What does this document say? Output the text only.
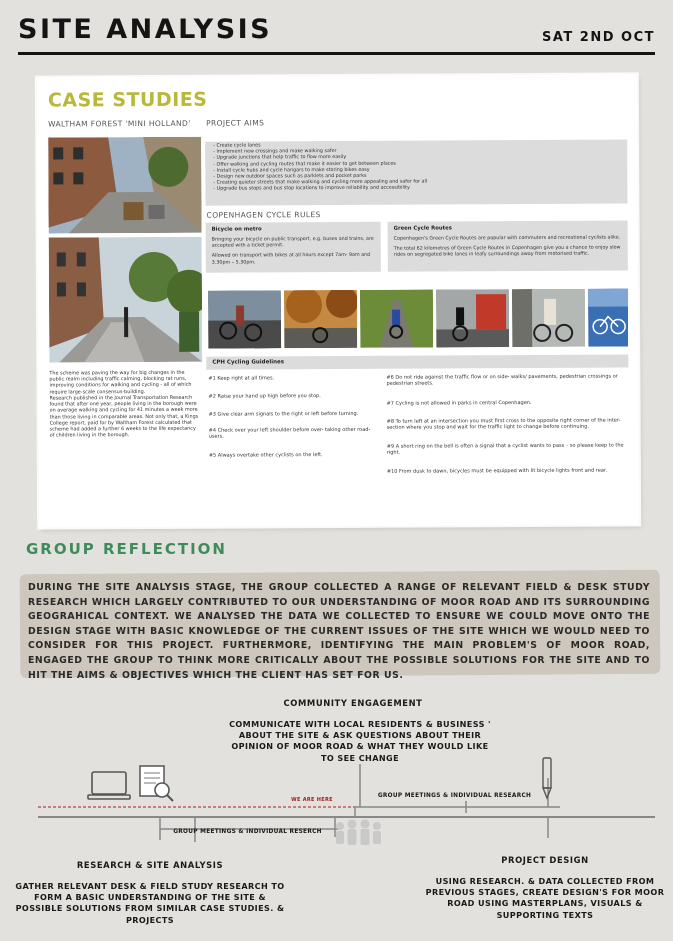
SITE ANALYSIS	SAT 2ND OCT
CASE STUDIES
WALTHAM FOREST 'MINI HOLLAND' PROJECT AIMS
The scheme was paving the way for big changes in the public realm including traffic calming, blocking rat runs, improving conditions for walking and cycling - all of which require large-scale consensus-building.
Research published in the Journal Transportation Research found that after one year, people living in the borough were on average walking and cycling for 41 minutes a week more than those living in comparable areas. Not only that, a Kings College report, paid for by Waltham Forest calculated that scheme had added a further 6 weeks to the life expectancy of children living in the borough.
- Create cycle lanes
- Implement new crossings and make walking safer
- Upgrade junctions that help traffic to flow more easily
- Offer walking and cycling routes that make it easier to get between places
- Install cycle hubs and cycle hangars to make storing bikes easy
- Design new outdoor spaces such as parklets and pocket parks
- Creating quieter streets that make walking and cycling more appealing and safer for all
- Upgrade bus stops and bus stop locations to improve reliability and accessibility
COPENHAGEN CYCLE RULES
Bicycle on metro
Bringing your bicycle on public transport, e.g. buses and trains, are accepted with a ticket permit.
Allowed on transport with bikes at all hours except 7am- 9am and 3.30pm – 5.30pm.
Green Cycle Routes
Copenhagen's Green Cycle Routes are popular with commuters and recreational cyclists alike.
The total 62 kilometres of Green Cycle Routes in Copenhagen give you a chance to enjoy slow rides on segregated bike lanes in leafy surroundings away from motorised traffic.
CPH Cycling Guidelines
#1 Keep right at all times.
#2 Raise your hand up high before you stop.
#3 Give clear arm signals to the right or left before turning.
#4 Check over your left shoulder before over- taking other road-users.
#5 Always overtake other cyclists on the left.
#6 Do not ride against the traffic flow or on side- walks/ pavements, pedestrian crossings or pedestrian streets.
#7 Cycling is not allowed in parks in central Copenhagen.
#8 To turn left at an intersection you must first cross to the opposite right corner of the inter- section where you stop and wait for the traffic light to change before continuing.
#9 A short ring on the bell is often a signal that a cyclist wants to pass – so please keep to the right.
#10 From dusk to dawn, bicycles must be equipped with lit bicycle lights front and rear.
GROUP REFLECTION
DURING THE SITE ANALYSIS STAGE, THE GROUP COLLECTED A RANGE OF RELEVANT FIELD & DESK STUDY RESEARCH WHICH LARGELY CONTRIBUTED TO OUR UNDERSTANDING OF MOOR ROAD AND ITS SURROUNDING GEOGRAHICAL CONTEXT. WE ANALYSED THE DATA WE COLLECTED TO ENSURE WE COULD MOVE ONTO THE DESIGN STAGE WITH BASIC KNOWLEDGE OF THE CURRENT ISSUES OF THE SITE WHICH WE WOULD NEED TO CONSIDER FOR THIS PROJECT. FURTHERMORE, IDENTIFYING THE MAIN PROBLEM'S OF MOOR ROAD, ENGAGED THE GROUP TO THINK MORE CRITICALLY ABOUT THE POSSIBLE SOLUTIONS FOR THE SITE AND TO HIT THE AIMS & OBJECTIVES WHICH THE CLIENT HAS SET FOR US.
COMMUNITY ENGAGEMENT
COMMUNICATE WITH LOCAL RESIDENTS & BUSINESS ' ABOUT THE SITE & ASK QUESTIONS ABOUT THEIR OPINION OF MOOR ROAD & WHAT THEY WOULD LIKE TO SEE CHANGE
WE ARE HERE
GROUP MEETINGS & INDIVIDUAL RESEARCH
GROUP MEETINGS & INDIVIDUAL RESERCH
RESEARCH & SITE ANALYSIS
GATHER RELEVANT DESK & FIELD STUDY RESEARCH TO FORM A BASIC UNDERSTANDING OF THE SITE & POSSIBLE SOLUTIONS FROM SIMILAR CASE STUDIES. & PROJECTS
PROJECT DESIGN
USING RESEARCH. & DATA COLLECTED FROM PREVIOUS STAGES, CREATE DESIGN'S FOR MOOR ROAD USING MASTERPLANS, VISUALS & SUPPORTING TEXTS
